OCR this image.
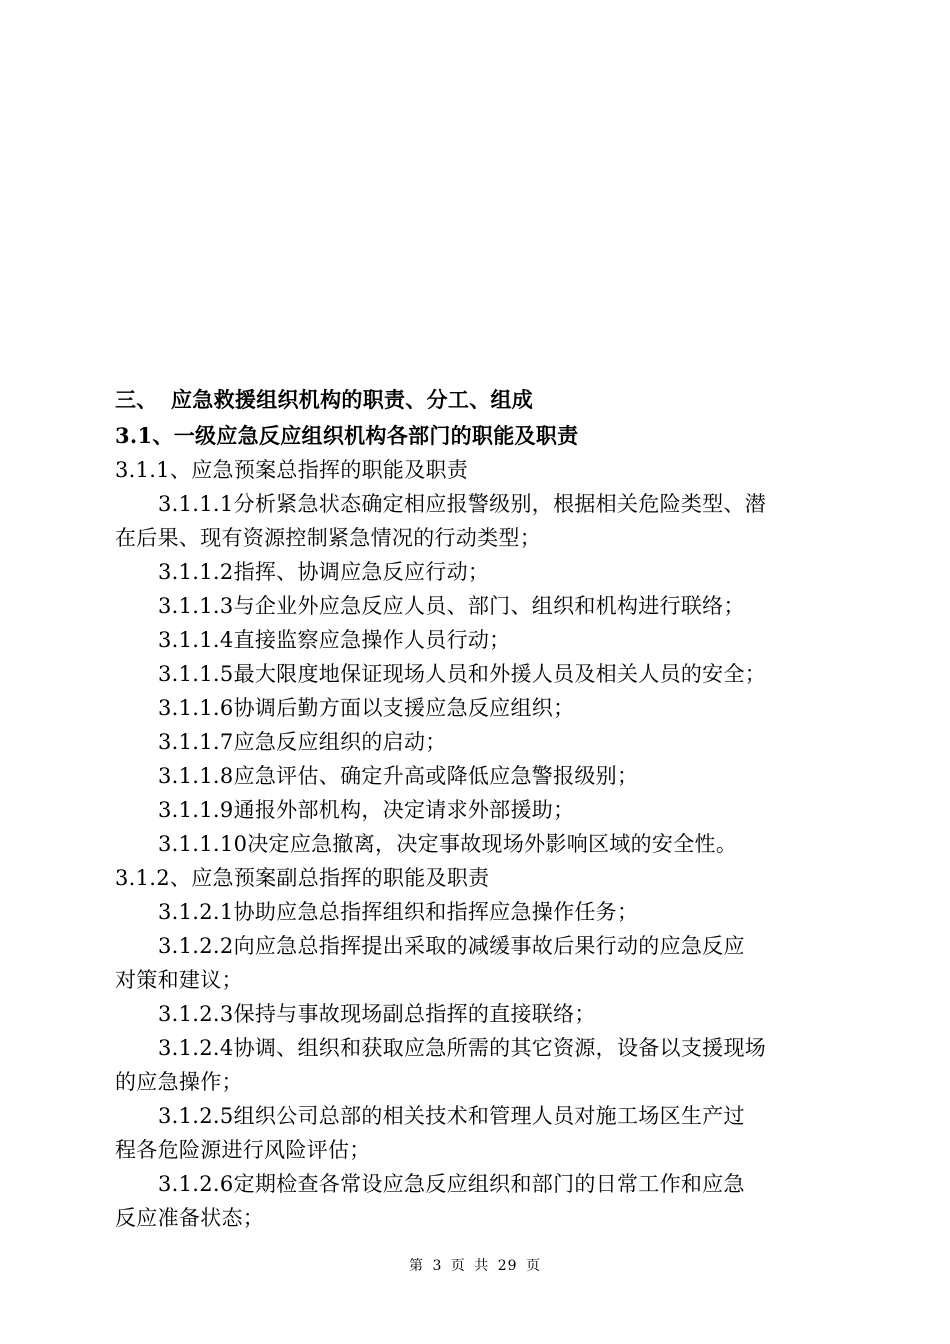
三、 应急救援组织机构的职责、分工、组成
3.1、一级应急反应组织机构各部门的职能及职责
3.1.1、应急预案总指挥的职能及职责
3.1.1.1分析紧急状态确定相应报警级别，根据相关危险类型、潜
在后果、现有资源控制紧急情况的行动类型；
3.1.1.2指挥、协调应急反应行动；
3.1.1.3与企业外应急反应人员、部门、组织和机构进行联络；
3.1.1.4直接监察应急操作人员行动；
3.1.1.5最大限度地保证现场人员和外援人员及相关人员的安全；
3.1.1.6协调后勤方面以支援应急反应组织；
3.1.1.7应急反应组织的启动；
3.1.1.8应急评估、确定升高或降低应急警报级别；
3.1.1.9通报外部机构，决定请求外部援助；
3.1.1.10决定应急撤离，决定事故现场外影响区域的安全性。
3.1.2、应急预案副总指挥的职能及职责
3.1.2.1协助应急总指挥组织和指挥应急操作任务；
3.1.2.2向应急总指挥提出采取的减缓事故后果行动的应急反应
对策和建议；
3.1.2.3保持与事故现场副总指挥的直接联络；
3.1.2.4协调、组织和获取应急所需的其它资源，设备以支援现场
的应急操作；
3.1.2.5组织公司总部的相关技术和管理人员对施工场区生产过
程各危险源进行风险评估；
3.1.2.6定期检查各常设应急反应组织和部门的日常工作和应急
反应准备状态；
第 3 页 共 29 页
